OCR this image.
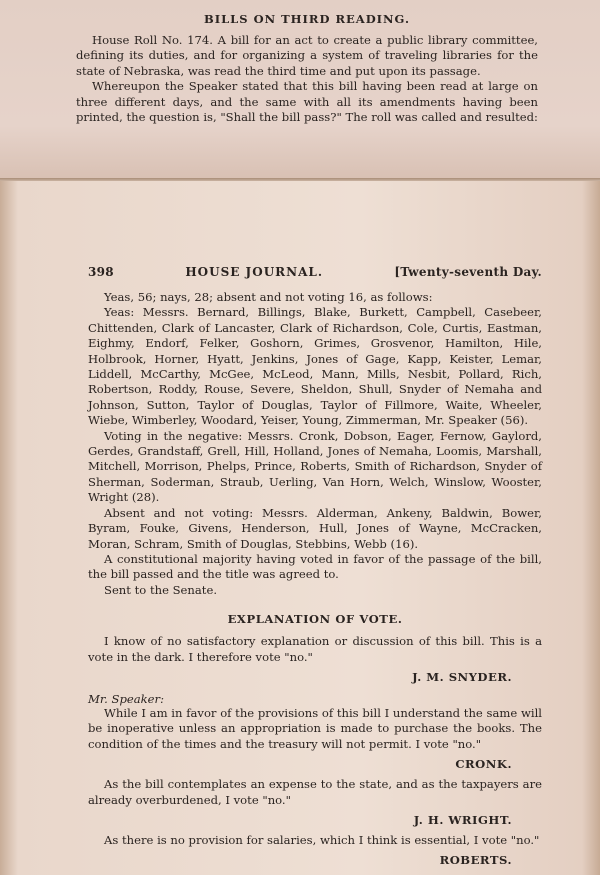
BILLS ON THIRD READING.

House Roll No. 174. A bill for an act to create a public library committee, defining its duties, and for organizing a system of traveling libraries for the state of Nebraska, was read the third time and put upon its passage.

Whereupon the Speaker stated that this bill having been read at large on three different days, and the same with all its amendments having been printed, the question is, "Shall the bill pass?" The roll was called and resulted:

398	HOUSE JOURNAL.	[Twenty-seventh Day.

Yeas, 56; nays, 28; absent and not voting 16, as follows:

Yeas: Messrs. Bernard, Billings, Blake, Burkett, Campbell, Casebeer, Chittenden, Clark of Lancaster, Clark of Richardson, Cole, Curtis, Eastman, Eighmy, Endorf, Felker, Goshorn, Grimes, Grosvenor, Hamilton, Hile, Holbrook, Horner, Hyatt, Jenkins, Jones of Gage, Kapp, Keister, Lemar, Liddell, McCarthy, McGee, McLeod, Mann, Mills, Nesbit, Pollard, Rich, Robertson, Roddy, Rouse, Severe, Sheldon, Shull, Snyder of Nemaha and Johnson, Sutton, Taylor of Douglas, Taylor of Fillmore, Waite, Wheeler, Wiebe, Wimberley, Woodard, Yeiser, Young, Zimmerman, Mr. Speaker (56).

Voting in the negative: Messrs. Cronk, Dobson, Eager, Fernow, Gaylord, Gerdes, Grandstaff, Grell, Hill, Holland, Jones of Nemaha, Loomis, Marshall, Mitchell, Morrison, Phelps, Prince, Roberts, Smith of Richardson, Snyder of Sherman, Soderman, Straub, Uerling, Van Horn, Welch, Winslow, Wooster, Wright (28).

Absent and not voting: Messrs. Alderman, Ankeny, Baldwin, Bower, Byram, Fouke, Givens, Henderson, Hull, Jones of Wayne, McCracken, Moran, Schram, Smith of Douglas, Stebbins, Webb (16).

A constitutional majority having voted in favor of the passage of the bill, the bill passed and the title was agreed to.

Sent to the Senate.

EXPLANATION OF VOTE.

I know of no satisfactory explanation or discussion of this bill. This is a vote in the dark. I therefore vote "no."

J. M. SNYDER.

Mr. Speaker:

While I am in favor of the provisions of this bill I understand the same will be inoperative unless an appropriation is made to purchase the books. The condition of the times and the treasury will not permit. I vote "no."

CRONK.

As the bill contemplates an expense to the state, and as the taxpayers are already overburdened, I vote "no."

J. H. WRIGHT.

As there is no provision for salaries, which I think is essential, I vote "no."

ROBERTS.
